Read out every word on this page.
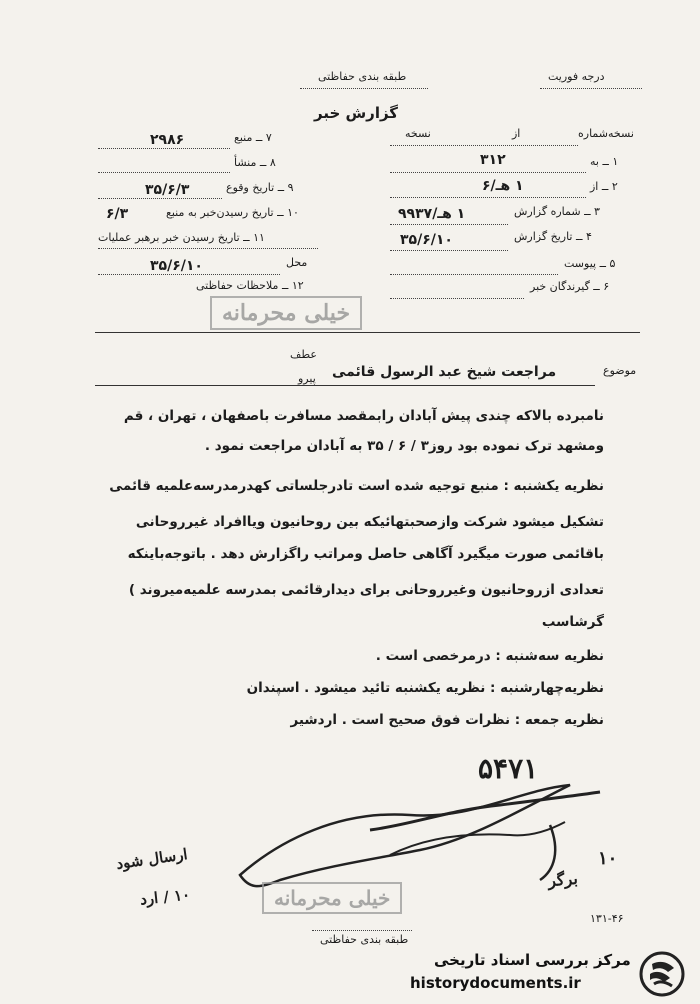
درجه فوریت
طبقه بندی حفاظتی
گزارش خبر
نسخه‌شماره
از
نسخه
۱ ــ به
۳۱۲
۲ ــ از
۱ هـ/۶
۳ ــ شماره گزارش
۱ هـ/۹۹۳۷
۴ ــ تاریخ گزارش
۳۵/۶/۱۰
۵ ــ پیوست
۶ ــ گیرندگان خبر
۷ ــ منبع
۲۹۸۶
۸ ــ منشأ
۹ ــ تاریخ وقوع
۳۵/۶/۳
۱۰ ــ تاریخ رسیدن‌خبر به منبع
۶/۳
۱۱ ــ تاریخ رسیدن خبر برهبر عملیات
محل
۳۵/۶/۱۰
۱۲ ــ ملاحظات حفاظتی
خیلی محرمانه
عطف
موضوع
مراجعت شیخ عبد الرسول قائمی
پیرو
نامبرده بالاکه چندی پیش آبادان رابمقصد مسافرت باصفهان ، تهران ، قم
ومشهد ترک نموده بود روز۳ / ۶ / ۳۵ به آبادان مراجعت نمود .
نظریه یکشنبه : منبع توجیه شده است تادرجلساتی کهدرمدرسه‌علمیه قائمی
تشکیل میشود شرکت وازصحبتهائیکه بین روحانیون ویاافراد غیرروحانی
باقائمی صورت میگیرد آگاهی حاصل ومراتب راگزارش دهد . باتوجه‌باینکه
تعدادی ازروحانیون وغیرروحانی برای دیدارقائمی بمدرسه علمیه‌میروند )
گرشاسب
نظریه سه‌شنبه : درمرخصی است .
نظریه‌چهارشنبه : نظریه یکشنبه تائید میشود . اسپندان
نظریه جمعه : نظرات فوق صحیح است . اردشیر
۵۴۷۱
ارسال شود
۱۰ / ارد
۱۰
برگر
خیلی محرمانه
۱۳۱-۴۶
طبقه بندی حفاظتی
مرکز بررسی اسناد تاریخی
historydocuments.ir
